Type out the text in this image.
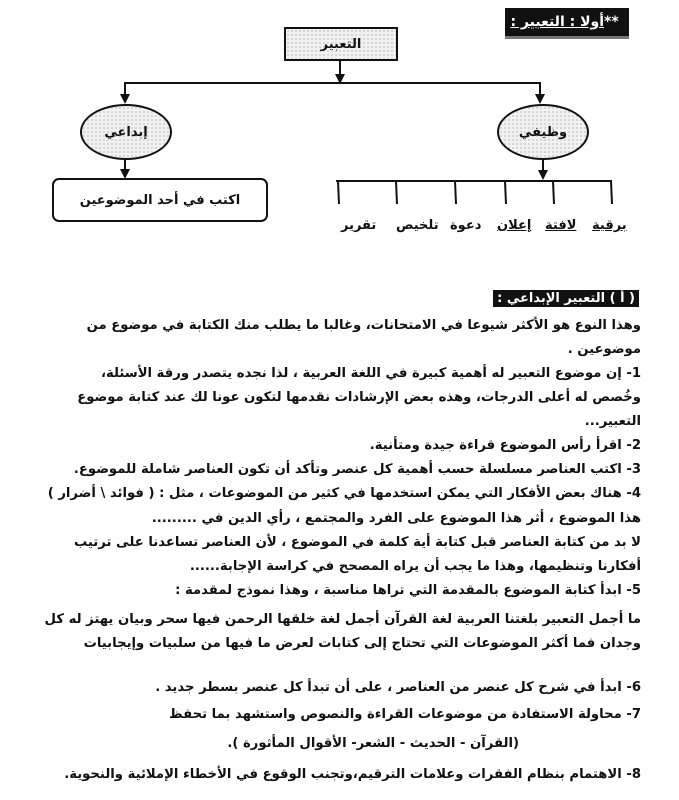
** أولا : التعبير :
التعبير
إبداعي	وظيفي
اكتب في أحد الموضوعين
برقية
لافتة
إعلان
دعوة
تلخيص
تقرير
( أ ) التعبير الإبداعي :
وهذا النوع هو الأكثر شيوعا في الامتحانات، وغالبا ما يطلب منك الكتابة في موضوع من
موضوعين .
1- إن موضوع التعبير له أهمية كبيرة في اللغة العربية ، لذا نجده يتصدر ورقة الأسئلة،
وخُصص له أعلى الدرجات، وهذه بعض الإرشادات نقدمها لتكون عونا لك عند كتابة موضوع
التعبير...
2- اقرأ رأس الموضوع قراءة جيدة ومتأنية.
3- اكتب العناصر مسلسلة حسب أهمية كل عنصر وتأكد أن تكون العناصر شاملة للموضوع.
4- هناك بعض الأفكار التي يمكن استخدمها في كثير من الموضوعات ، مثل : ( فوائد \ أضرار )
هذا الموضوع ، أثر هذا الموضوع على الفرد والمجتمع ، رأي الدين في .........
لا بد من كتابة العناصر قبل كتابة أية كلمة في الموضوع ، لأن العناصر تساعدنا على ترتيب
أفكارنا وتنظيمها، وهذا ما يجب أن يراه المصحح في كراسة الإجابة......
5- ابدأ كتابة الموضوع بالمقدمة التي تراها مناسبة ، وهذا نموذج لمقدمة :
ما أجمل التعبير بلغتنا العربية لغة القرآن أجمل لغة خلقها الرحمن فيها سحر وبيان يهتز له كل
وجدان فما أكثر الموضوعات التي تحتاج إلى كتابات لعرض ما فيها من سلبيات وإيجابيات
6- ابدأ في شرح كل عنصر من العناصر ، على أن تبدأ كل عنصر بسطر جديد .
7- محاولة الاستفادة من موضوعات القراءة والنصوص واستشهد بما تحفظ
(القرآن - الحديث - الشعر- الأقوال المأثورة ).
8- الاهتمام بنظام الفقرات وعلامات الترقيم،وتجنب الوقوع في الأخطاء الإملائية والنحوية.
